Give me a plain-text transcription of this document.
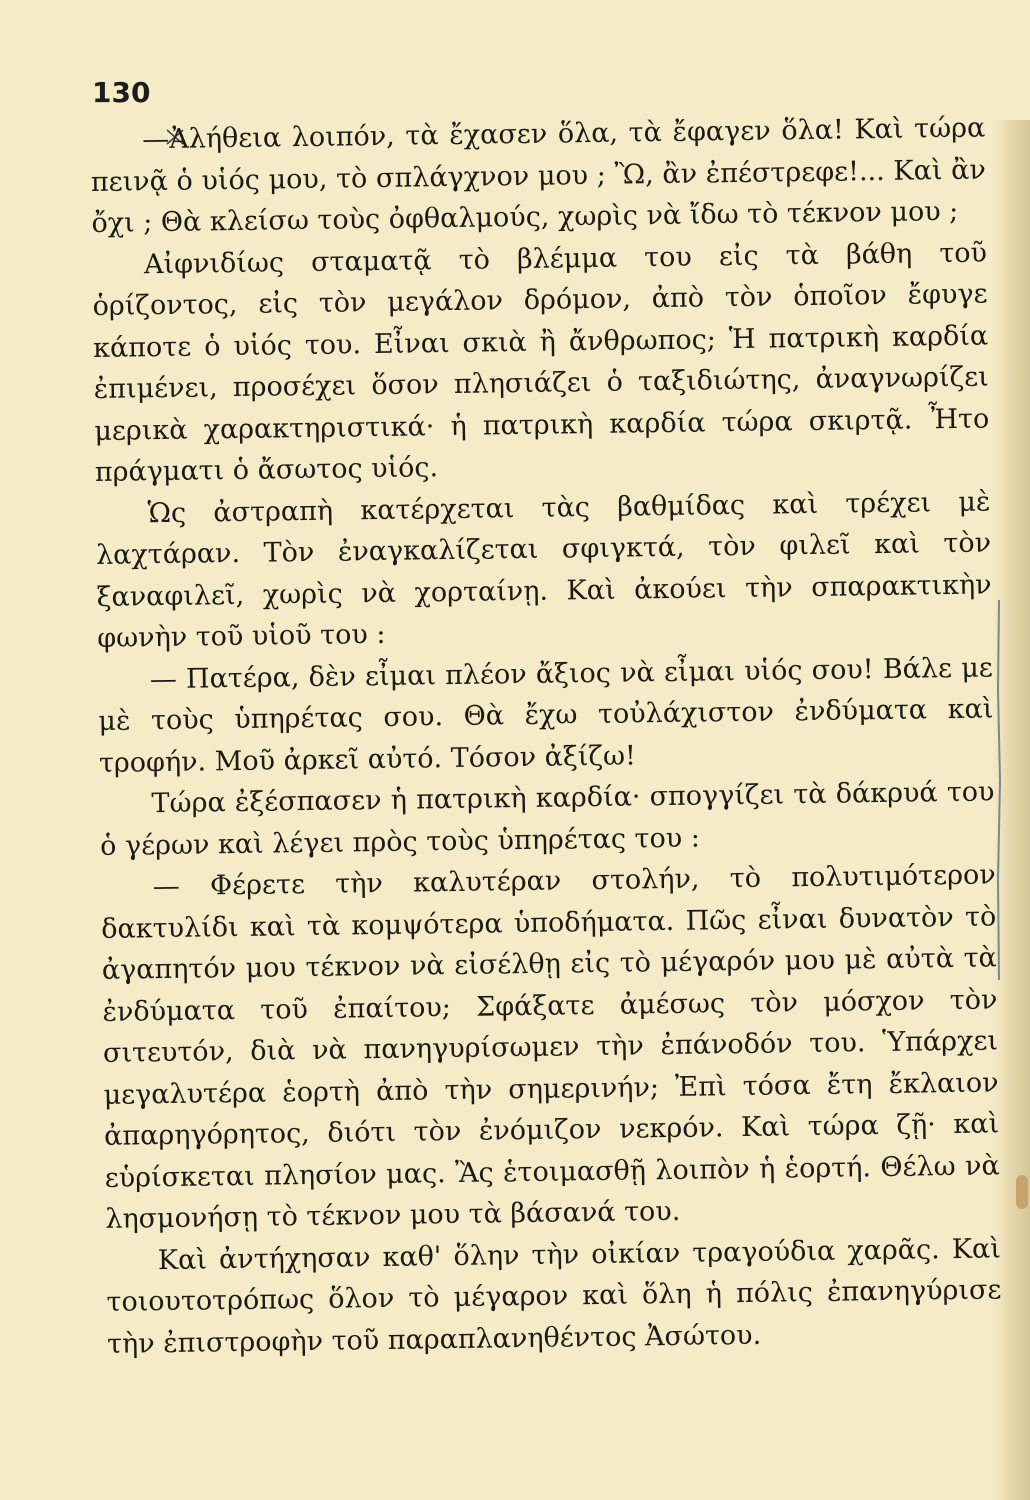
130

—Ἀλήθεια λοιπόν, τὰ ἔχασεν ὅλα, τὰ ἔφαγεν ὅλα! Καὶ τώρα πεινᾷ ὁ υἱός μου, τὸ σπλάγχνον μου ; Ὢ, ἂν ἐπέστρεφε!... Καὶ ἂν ὄχι ; Θὰ κλείσω τοὺς ὀφθαλμούς, χωρὶς νὰ ἴδω τὸ τέκνον μου ;

Αἰφνιδίως σταματᾷ τὸ βλέμμα του εἰς τὰ βάθη τοῦ ὁρίζοντος, εἰς τὸν μεγάλον δρόμον, ἀπὸ τὸν ὁποῖον ἔφυγε κάποτε ὁ υἱός του. Εἶναι σκιὰ ἢ ἄνθρωπος; Ἡ πατρικὴ καρδία ἐπιμένει, προσέχει ὅσον πλησιάζει ὁ ταξιδιώτης, ἀναγνωρίζει μερικὰ χαρακτηριστικά· ἡ πατρικὴ καρδία τώρα σκιρτᾷ. Ἦτο πράγματι ὁ ἄσωτος υἱός.

Ὡς ἀστραπὴ κατέρχεται τὰς βαθμίδας καὶ τρέχει μὲ λαχτάραν. Τὸν ἐναγκαλίζεται σφιγκτά, τὸν φιλεῖ καὶ τὸν ξαναφιλεῖ, χωρὶς νὰ χορταίνῃ. Καὶ ἀκούει τὴν σπαρακτικὴν φωνὴν τοῦ υἱοῦ του :

— Πατέρα, δὲν εἶμαι πλέον ἄξιος νὰ εἶμαι υἱός σου! Βάλε με μὲ τοὺς ὑπηρέτας σου. Θὰ ἔχω τοὐλάχιστον ἐνδύματα καὶ τροφήν. Μοῦ ἀρκεῖ αὐτό. Τόσον ἀξίζω!

Τώρα ἐξέσπασεν ἡ πατρικὴ καρδία· σπογγίζει τὰ δάκρυά του ὁ γέρων καὶ λέγει πρὸς τοὺς ὑπηρέτας του :

— Φέρετε τὴν καλυτέραν στολήν, τὸ πολυτιμότερον δακτυλίδι καὶ τὰ κομψότερα ὑποδήματα. Πῶς εἶναι δυνατὸν τὸ ἀγαπητόν μου τέκνον νὰ εἰσέλθῃ εἰς τὸ μέγαρόν μου μὲ αὐτὰ τὰ ἐνδύματα τοῦ ἐπαίτου; Σφάξατε ἀμέσως τὸν μόσχον τὸν σιτευτόν, διὰ νὰ πανηγυρίσωμεν τὴν ἐπάνοδόν του. Ὑπάρχει μεγαλυτέρα ἑορτὴ ἀπὸ τὴν σημερινήν; Ἐπὶ τόσα ἔτη ἔκλαιον ἀπαρηγόρητος, διότι τὸν ἐνόμιζον νεκρόν. Καὶ τώρα ζῇ· καὶ εὑρίσκεται πλησίον μας. Ἂς ἑτοιμασθῇ λοιπὸν ἡ ἑορτή. Θέλω νὰ λησμονήσῃ τὸ τέκνον μου τὰ βάσανά του.

Καὶ ἀντήχησαν καθ' ὅλην τὴν οἰκίαν τραγούδια χαρᾶς. Καὶ τοιουτοτρόπως ὅλον τὸ μέγαρον καὶ ὅλη ἡ πόλις ἐπανηγύρισε τὴν ἐπιστροφὴν τοῦ παραπλανηθέντος Ἀσώτου.
